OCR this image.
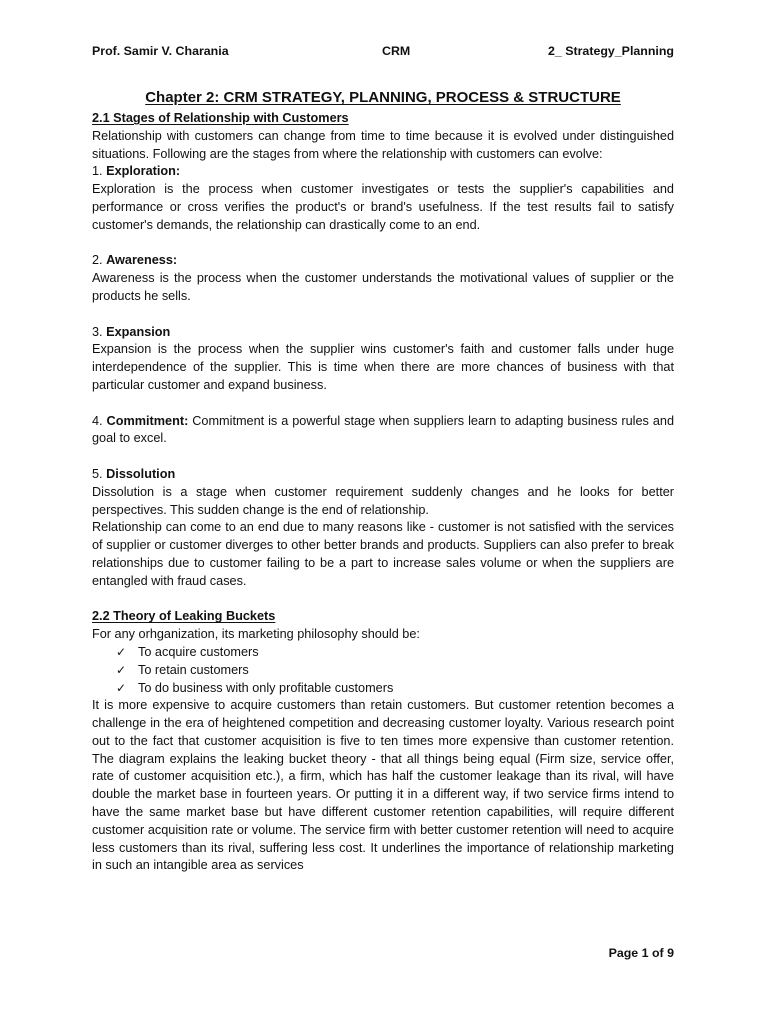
Prof. Samir V. Charania	CRM	2_ Strategy_Planning
Chapter 2: CRM STRATEGY, PLANNING, PROCESS & STRUCTURE
2.1 Stages of Relationship with Customers

Relationship with customers can change from time to time because it is evolved under distinguished situations. Following are the stages from where the relationship with customers can evolve:

1. Exploration:

Exploration is the process when customer investigates or tests the supplier's capabilities and performance or cross verifies the product's or brand's usefulness. If the test results fail to satisfy customer's demands, the relationship can drastically come to an end.

2. Awareness:

Awareness is the process when the customer understands the motivational values of supplier or the products he sells.

3. Expansion

Expansion is the process when the supplier wins customer's faith and customer falls under huge interdependence of the supplier. This is time when there are more chances of business with that particular customer and expand business.

4. Commitment: Commitment is a powerful stage when suppliers learn to adapting business rules and goal to excel.

5. Dissolution

Dissolution is a stage when customer requirement suddenly changes and he looks for better perspectives. This sudden change is the end of relationship.

Relationship can come to an end due to many reasons like - customer is not satisfied with the services of supplier or customer diverges to other better brands and products. Suppliers can also prefer to break relationships due to customer failing to be a part to increase sales volume or when the suppliers are entangled with fraud cases.

2.2 Theory of Leaking Buckets

For any orhganization, its marketing philosophy should be:

✓ To acquire customers
✓ To retain customers
✓ To do business with only profitable customers

It is more expensive to acquire customers than retain customers. But customer retention becomes a challenge in the era of heightened competition and decreasing customer loyalty. Various research point out to the fact that customer acquisition is five to ten times more expensive than customer retention. The diagram explains the leaking bucket theory - that all things being equal (Firm size, service offer, rate of customer acquisition etc.), a firm, which has half the customer leakage than its rival, will have double the market base in fourteen years. Or putting it in a different way, if two service firms intend to have the same market base but have different customer retention capabilities, will require different customer acquisition rate or volume. The service firm with better customer retention will need to acquire less customers than its rival, suffering less cost. It underlines the importance of relationship marketing in such an intangible area as services

Page 1 of 9
